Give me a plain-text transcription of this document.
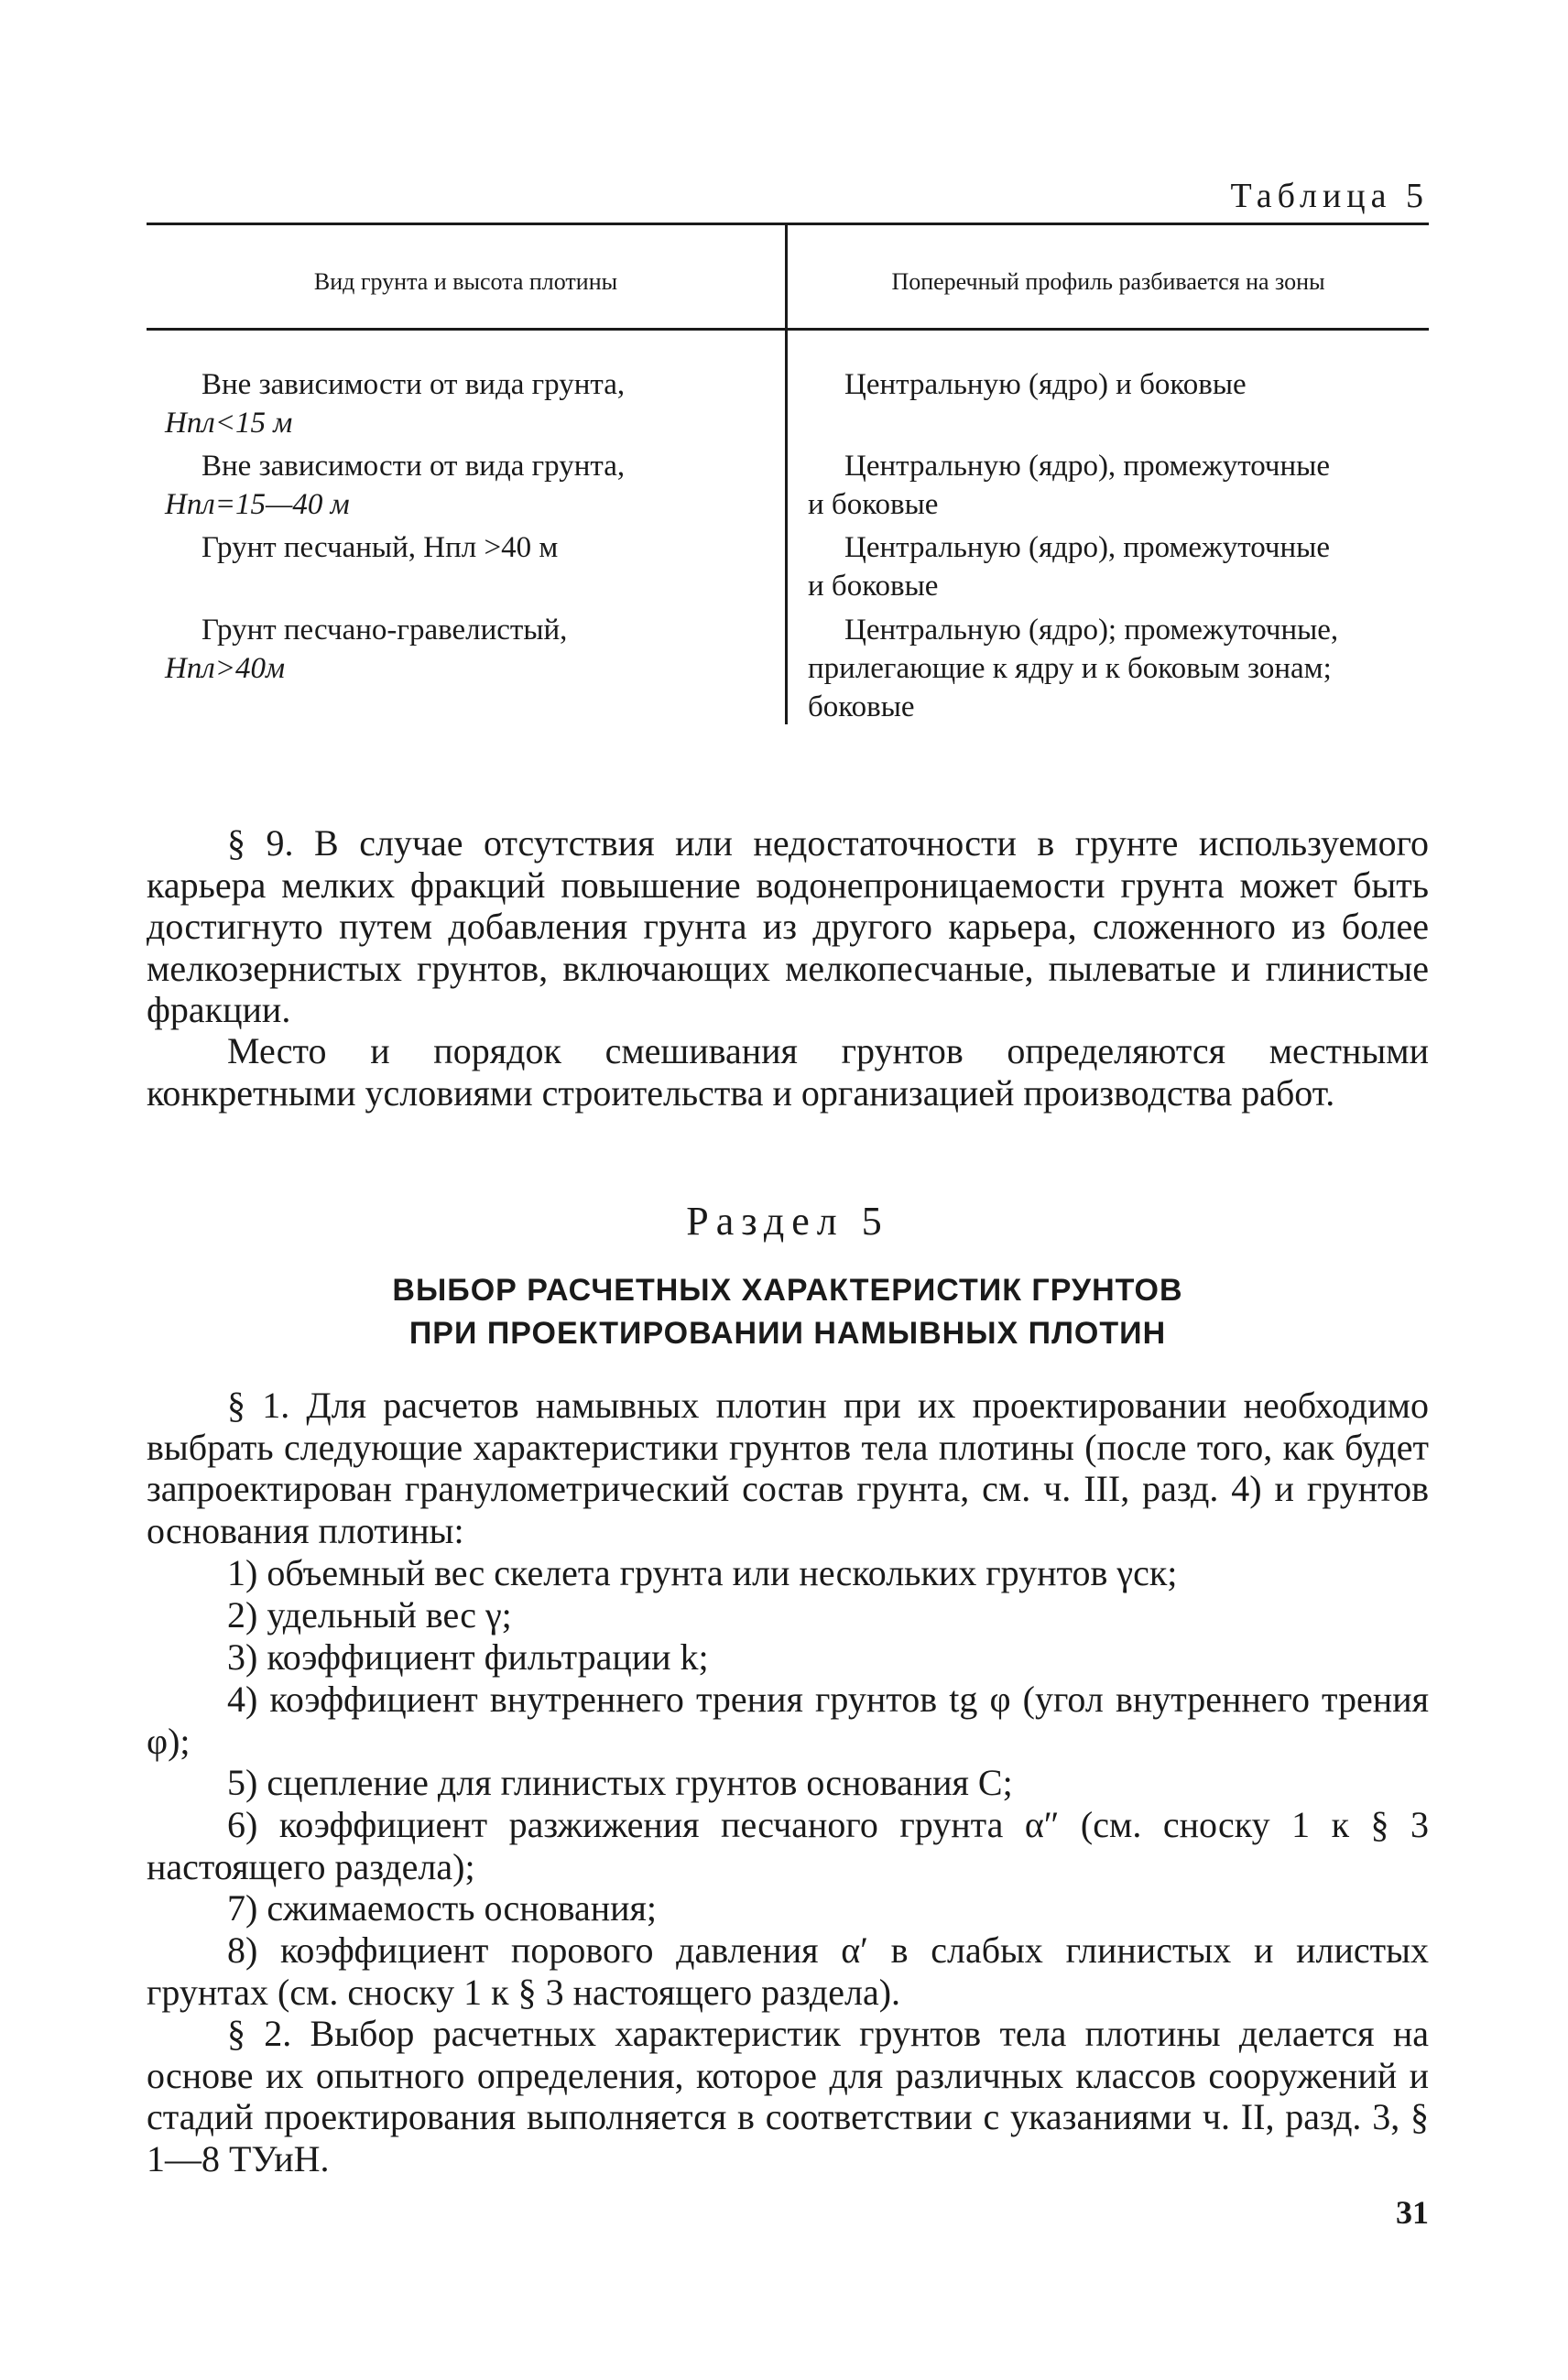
Таблица 5
Вид грунта и высота плотины	Поперечный профиль разбивается на зоны
Вне зависимости от вида грунта,
Hпл<15 м
Центральную (ядро) и боковые
Вне зависимости от вида грунта,
Hпл=15—40 м
Центральную (ядро), промежуточные
и боковые
Грунт песчаный, Hпл >40 м	Центральную (ядро), промежуточные
и боковые
Грунт песчано-гравелистый,
Hпл>40м
Центральную (ядро); промежуточные,
прилегающие к ядру и к боковым зонам;
боковые
§ 9. В случае отсутствия или недостаточности в грунте используемого карьера мелких фракций повышение водонепроницаемости грунта может быть достигнуто путем добавления грунта из другого карьера, сложенного из более мелкозернистых грунтов, включающих мелкопесчаные, пылеватые и глинистые фракции.
Место и порядок смешивания грунтов определяются местными конкретными условиями строительства и организацией производства работ.
Раздел 5
ВЫБОР РАСЧЕТНЫХ ХАРАКТЕРИСТИК ГРУНТОВ
ПРИ ПРОЕКТИРОВАНИИ НАМЫВНЫХ ПЛОТИН
§ 1. Для расчетов намывных плотин при их проектировании необходимо выбрать следующие характеристики грунтов тела плотины (после того, как будет запроектирован гранулометрический состав грунта, см. ч. III, разд. 4) и грунтов основания плотины:
1) объемный вес скелета грунта или нескольких грунтов γск;
2) удельный вес γ;
3) коэффициент фильтрации k;
4) коэффициент внутреннего трения грунтов tg φ (угол внутреннего трения φ);
5) сцепление для глинистых грунтов основания C;
6) коэффициент разжижения песчаного грунта α″ (см. сноску 1 к § 3 настоящего раздела);
7) сжимаемость основания;
8) коэффициент порового давления α′ в слабых глинистых и илистых грунтах (см. сноску 1 к § 3 настоящего раздела).
§ 2. Выбор расчетных характеристик грунтов тела плотины делается на основе их опытного определения, которое для различных классов сооружений и стадий проектирования выполняется в соответствии с указаниями ч. II, разд. 3, § 1—8 ТУиН.
31
